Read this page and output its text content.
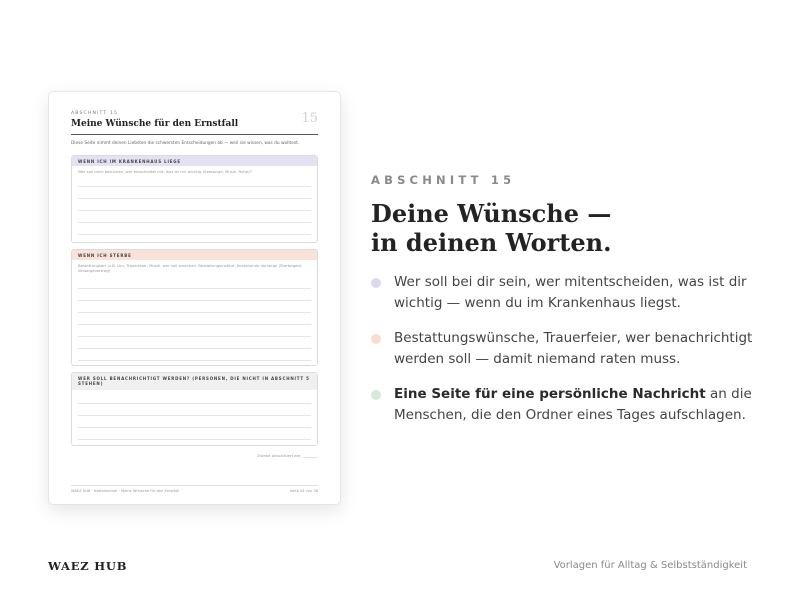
ABSCHNITT 15	15
Meine Wünsche für den Ernstfall
Diese Seite nimmt deinen Liebsten die schwersten Entscheidungen ab — weil sie wissen, was du wolltest.
WENN ICH IM KRANKENHAUS LIEGE
Wer soll mich besuchen, wer entscheidet mit, was ist mir wichtig (Seelsorge, Musik, Ruhe)?
WENN ICH STERBE
Bestattungsart (z.B. Urn, Trauerfeier, Musik, wer soll sprechen, Bestattungsinstitut, bestehende Vorsorge (Sterbegeld, Vorsorgevertrag)
WER SOLL BENACHRICHTIGT WERDEN? (PERSONEN, DIE NICHT IN ABSCHNITT 5 STEHEN)
Zuletzt aktualisiert am: ________
WAEZ HUB · Notfallordner · Meine Wünsche für den Ernstfall	Seite 24 von 38
ABSCHNITT 15
Deine Wünsche —
in deinen Worten.
Wer soll bei dir sein, wer mitentscheiden, was ist dir wichtig — wenn du im Krankenhaus liegst.
Bestattungswünsche, Trauerfeier, wer benachrichtigt werden soll — damit niemand raten muss.
Eine Seite für eine persönliche Nachricht an die Menschen, die den Ordner eines Tages aufschlagen.
WAEZ HUB	Vorlagen für Alltag & Selbstständigkeit
